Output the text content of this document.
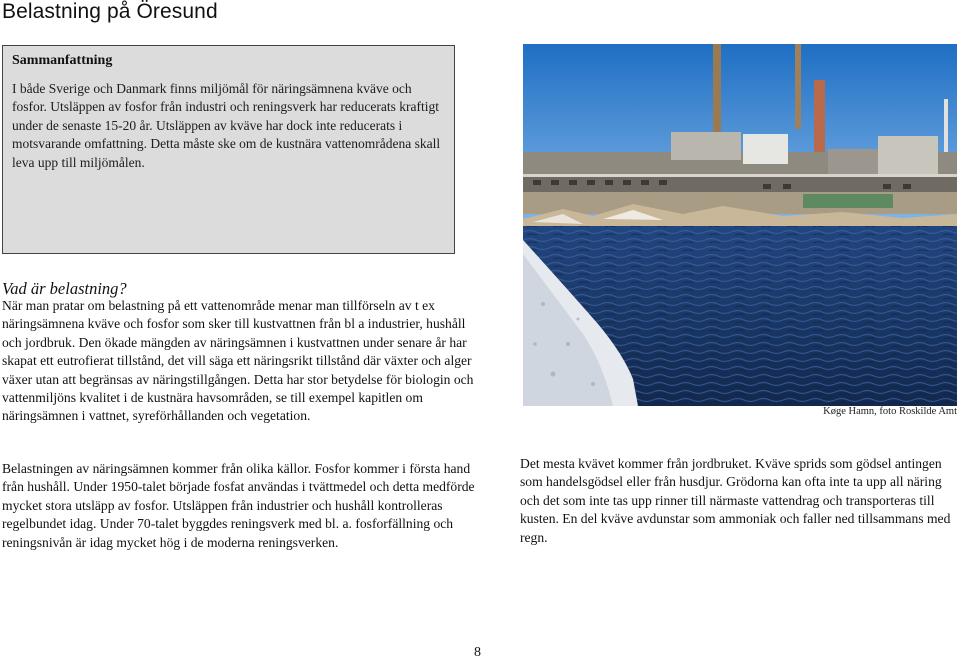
Belastning på Öresund

Sammanfattning

I både Sverige och Danmark finns miljömål för näringsämnena kväve och fosfor. Utsläppen av fosfor från industri och reningsverk har reducerats kraftigt under de senaste 15-20 år. Utsläppen av kväve har dock inte reducerats i motsvarande omfattning. Detta måste ske om de kustnära vattenområdena skall leva upp till miljömålen.

Vad är belastning?

När man pratar om belastning på ett vattenområde menar man tillförseln av t ex näringsämnena kväve och fosfor som sker till kustvattnen från bl a industrier, hushåll och jordbruk. Den ökade mängden av näringsämnen i kustvattnen under senare år har skapat ett eutrofierat tillstånd, det vill säga ett näringsrikt tillstånd där växter och alger växer utan att begränsas av näringstillgången. Detta har stor betydelse för biologin och vattenmiljöns kvalitet i de kustnära havsområden, se till exempel kapitlen om näringsämnen i vattnet, syreförhållanden och vegetation.

Belastningen av näringsämnen kommer från olika källor. Fosfor kommer i första hand från hushåll. Under 1950-talet började fosfat användas i tvättmedel och detta medförde mycket stora utsläpp av fosfor. Utsläppen från industrier och hushåll kontrolleras regelbundet idag. Under 70-talet byggdes reningsverk med bl. a. fosforfällning och reningsnivån är idag mycket hög i de moderna reningsverken.

Køge Hamn, foto Roskilde Amt

Det mesta kvävet kommer från jordbruket. Kväve sprids som gödsel antingen som handelsgödsel eller från husdjur. Grödorna kan ofta inte ta upp all näring och det som inte tas upp rinner till närmaste vattendrag och transporteras till kusten. En del kväve avdunstar som ammoniak och faller ned tillsammans med regn.

8
